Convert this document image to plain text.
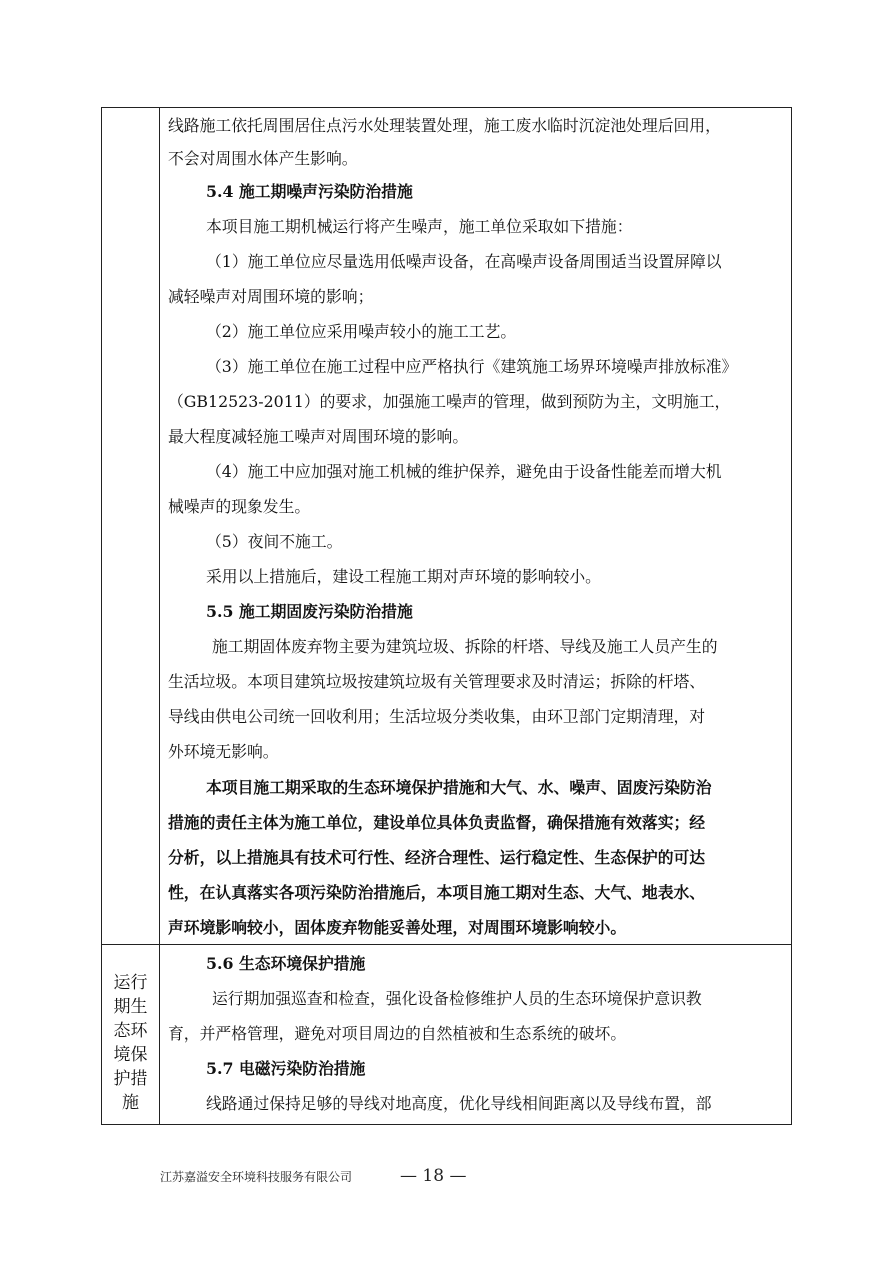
运行
期生
态环
境保
护措
施
线路施工依托周围居住点污水处理装置处理，施工废水临时沉淀池处理后回用，
不会对周围水体产生影响。
5.4 施工期噪声污染防治措施
本项目施工期机械运行将产生噪声，施工单位采取如下措施：
（1）施工单位应尽量选用低噪声设备，在高噪声设备周围适当设置屏障以
减轻噪声对周围环境的影响；
（2）施工单位应采用噪声较小的施工工艺。
（3）施工单位在施工过程中应严格执行《建筑施工场界环境噪声排放标准》
（GB12523-2011）的要求，加强施工噪声的管理，做到预防为主，文明施工，
最大程度减轻施工噪声对周围环境的影响。
（4）施工中应加强对施工机械的维护保养，避免由于设备性能差而增大机
械噪声的现象发生。
（5）夜间不施工。
采用以上措施后，建设工程施工期对声环境的影响较小。
5.5 施工期固废污染防治措施
施工期固体废弃物主要为建筑垃圾、拆除的杆塔、导线及施工人员产生的
生活垃圾。本项目建筑垃圾按建筑垃圾有关管理要求及时清运；拆除的杆塔、
导线由供电公司统一回收利用；生活垃圾分类收集，由环卫部门定期清理，对
外环境无影响。
本项目施工期采取的生态环境保护措施和大气、水、噪声、固废污染防治
措施的责任主体为施工单位，建设单位具体负责监督，确保措施有效落实；经
分析，以上措施具有技术可行性、经济合理性、运行稳定性、生态保护的可达
性，在认真落实各项污染防治措施后，本项目施工期对生态、大气、地表水、
声环境影响较小，固体废弃物能妥善处理，对周围环境影响较小。
5.6 生态环境保护措施
运行期加强巡查和检查，强化设备检修维护人员的生态环境保护意识教
育，并严格管理，避免对项目周边的自然植被和生态系统的破坏。
5.7 电磁污染防治措施
线路通过保持足够的导线对地高度，优化导线相间距离以及导线布置，部
江苏嘉溢安全环境科技服务有限公司	— 18 —
